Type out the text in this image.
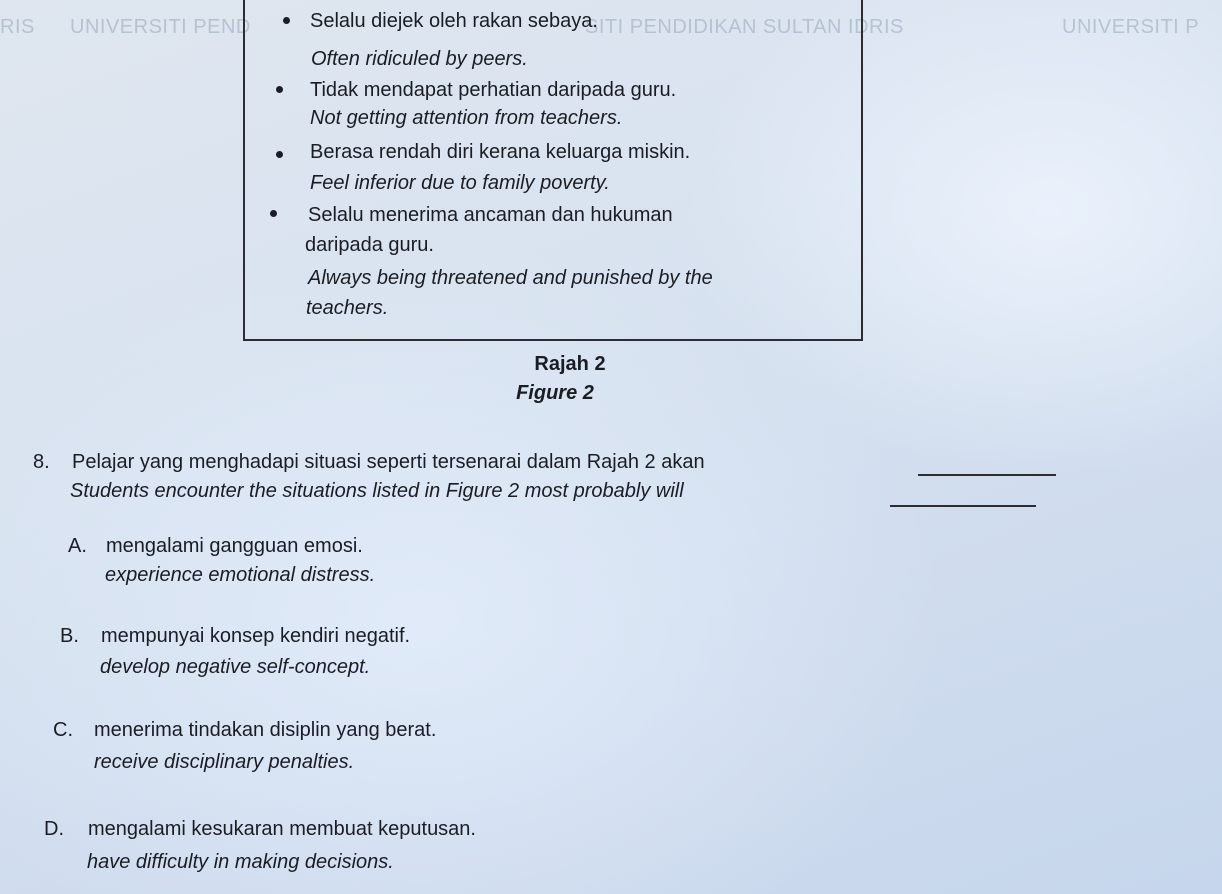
RIS UNIVERSITI PEND	SITI PENDIDIKAN SULTAN IDRIS	UNIVERSITI P
Selalu diejek oleh rakan sebaya.
Often ridiculed by peers.
Tidak mendapat perhatian daripada guru.
Not getting attention from teachers.
Berasa rendah diri kerana keluarga miskin.
Feel inferior due to family poverty.
Selalu menerima ancaman dan hukuman
daripada guru.
Always being threatened and punished by the
teachers.
Rajah 2
Figure 2
8. Pelajar yang menghadapi situasi seperti tersenarai dalam Rajah 2 akan
Students encounter the situations listed in Figure 2 most probably will
A. mengalami gangguan emosi.
experience emotional distress.
B. mempunyai konsep kendiri negatif.
develop negative self-concept.
C. menerima tindakan disiplin yang berat.
receive disciplinary penalties.
D. mengalami kesukaran membuat keputusan.
have difficulty in making decisions.
